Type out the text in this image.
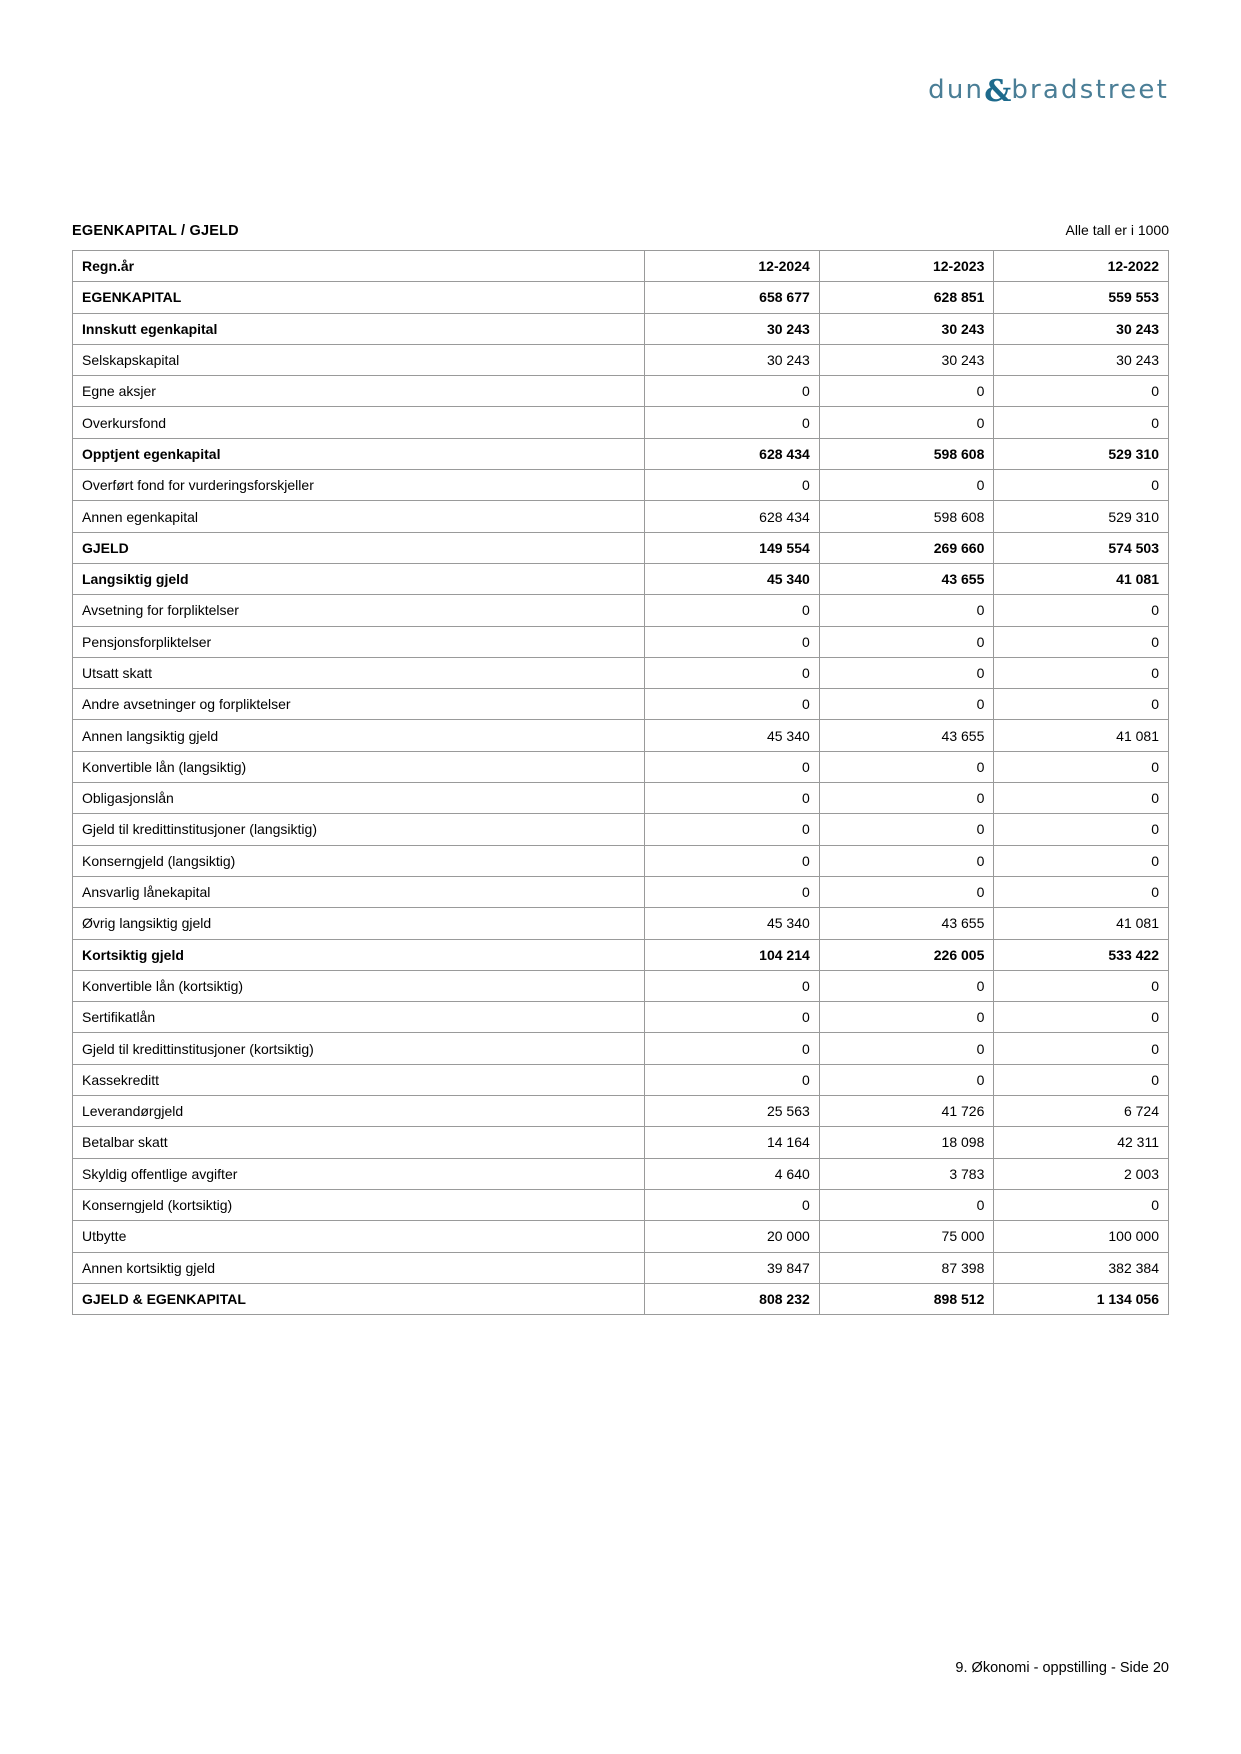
dun & bradstreet
EGENKAPITAL / GJELD	Alle tall er i 1000
Regn.år	12-2024	12-2023	12-2022
EGENKAPITAL	658 677	628 851	559 553
Innskutt egenkapital	30 243	30 243	30 243
Selskapskapital	30 243	30 243	30 243
Egne aksjer	0	0	0
Overkursfond	0	0	0
Opptjent egenkapital	628 434	598 608	529 310
Overført fond for vurderingsforskjeller	0	0	0
Annen egenkapital	628 434	598 608	529 310
GJELD	149 554	269 660	574 503
Langsiktig gjeld	45 340	43 655	41 081
Avsetning for forpliktelser	0	0	0
Pensjonsforpliktelser	0	0	0
Utsatt skatt	0	0	0
Andre avsetninger og forpliktelser	0	0	0
Annen langsiktig gjeld	45 340	43 655	41 081
Konvertible lån (langsiktig)	0	0	0
Obligasjonslån	0	0	0
Gjeld til kredittinstitusjoner (langsiktig)	0	0	0
Konserngjeld (langsiktig)	0	0	0
Ansvarlig lånekapital	0	0	0
Øvrig langsiktig gjeld	45 340	43 655	41 081
Kortsiktig gjeld	104 214	226 005	533 422
Konvertible lån (kortsiktig)	0	0	0
Sertifikatlån	0	0	0
Gjeld til kredittinstitusjoner (kortsiktig)	0	0	0
Kassekreditt	0	0	0
Leverandørgjeld	25 563	41 726	6 724
Betalbar skatt	14 164	18 098	42 311
Skyldig offentlige avgifter	4 640	3 783	2 003
Konserngjeld (kortsiktig)	0	0	0
Utbytte	20 000	75 000	100 000
Annen kortsiktig gjeld	39 847	87 398	382 384
GJELD & EGENKAPITAL	808 232	898 512	1 134 056
9. Økonomi - oppstilling - Side 20
